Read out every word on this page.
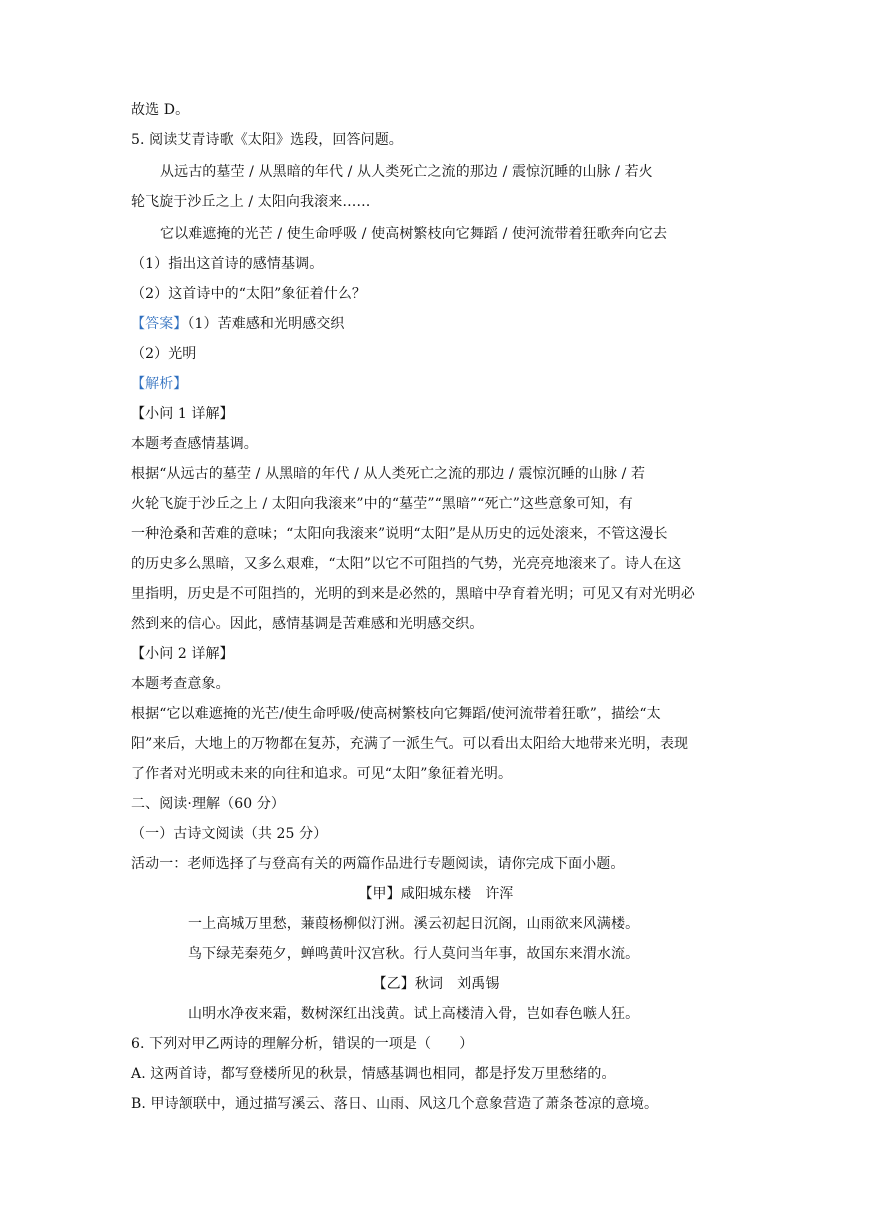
故选 D。
5. 阅读艾青诗歌《太阳》选段，回答问题。
从远古的墓茔 / 从黑暗的年代 / 从人类死亡之流的那边 / 震惊沉睡的山脉 / 若火
轮飞旋于沙丘之上 / 太阳向我滚来……
它以难遮掩的光芒 / 使生命呼吸 / 使高树繁枝向它舞蹈 / 使河流带着狂歌奔向它去
（1）指出这首诗的感情基调。
（2）这首诗中的“太阳”象征着什么？
【答案】（1）苦难感和光明感交织
（2）光明
【解析】
【小问 1 详解】
本题考查感情基调。
根据“从远古的墓茔 / 从黑暗的年代 / 从人类死亡之流的那边 / 震惊沉睡的山脉 / 若
火轮飞旋于沙丘之上 / 太阳向我滚来”中的“墓茔”“黑暗”“死亡”这些意象可知，有
一种沧桑和苦难的意味；“太阳向我滚来”说明“太阳”是从历史的远处滚来，不管这漫长
的历史多么黑暗，又多么艰难，“太阳”以它不可阻挡的气势，光亮亮地滚来了。诗人在这
里指明，历史是不可阻挡的，光明的到来是必然的，黑暗中孕育着光明；可见又有对光明必
然到来的信心。因此，感情基调是苦难感和光明感交织。
【小问 2 详解】
本题考查意象。
根据“它以难遮掩的光芒/使生命呼吸/使高树繁枝向它舞蹈/使河流带着狂歌”，描绘“太
阳”来后，大地上的万物都在复苏，充满了一派生气。可以看出太阳给大地带来光明，表现
了作者对光明或未来的向往和追求。可见“太阳”象征着光明。
二、阅读·理解（60 分）
（一）古诗文阅读（共 25 分）
活动一：老师选择了与登高有关的两篇作品进行专题阅读，请你完成下面小题。
【甲】咸阳城东楼　许浑
一上高城万里愁，蒹葭杨柳似汀洲。溪云初起日沉阁，山雨欲来风满楼。
鸟下绿芜秦苑夕，蝉鸣黄叶汉宫秋。行人莫问当年事，故国东来渭水流。
【乙】秋词　刘禹锡
山明水净夜来霜，数树深红出浅黄。试上高楼清入骨，岂如春色嗾人狂。
6. 下列对甲乙两诗的理解分析，错误的一项是（　　）
A. 这两首诗，都写登楼所见的秋景，情感基调也相同，都是抒发万里愁绪的。
B. 甲诗颔联中，通过描写溪云、落日、山雨、风这几个意象营造了萧条苍凉的意境。
